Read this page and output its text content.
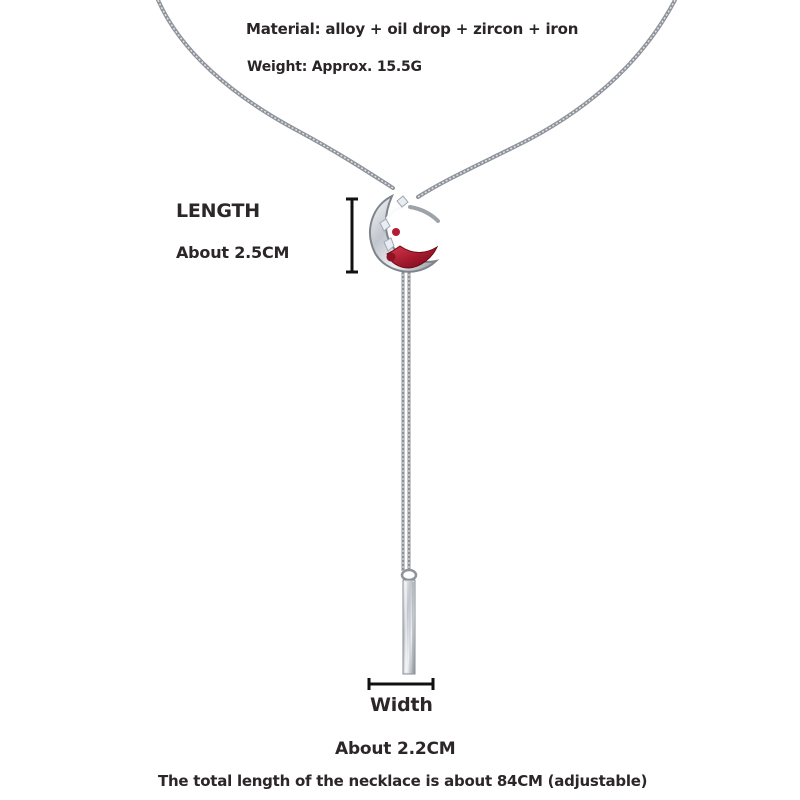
Material: alloy + oil drop + zircon + iron
Weight: Approx. 15.5G
LENGTH
About 2.5CM
Width
About 2.2CM
The total length of the necklace is about 84CM (adjustable)
